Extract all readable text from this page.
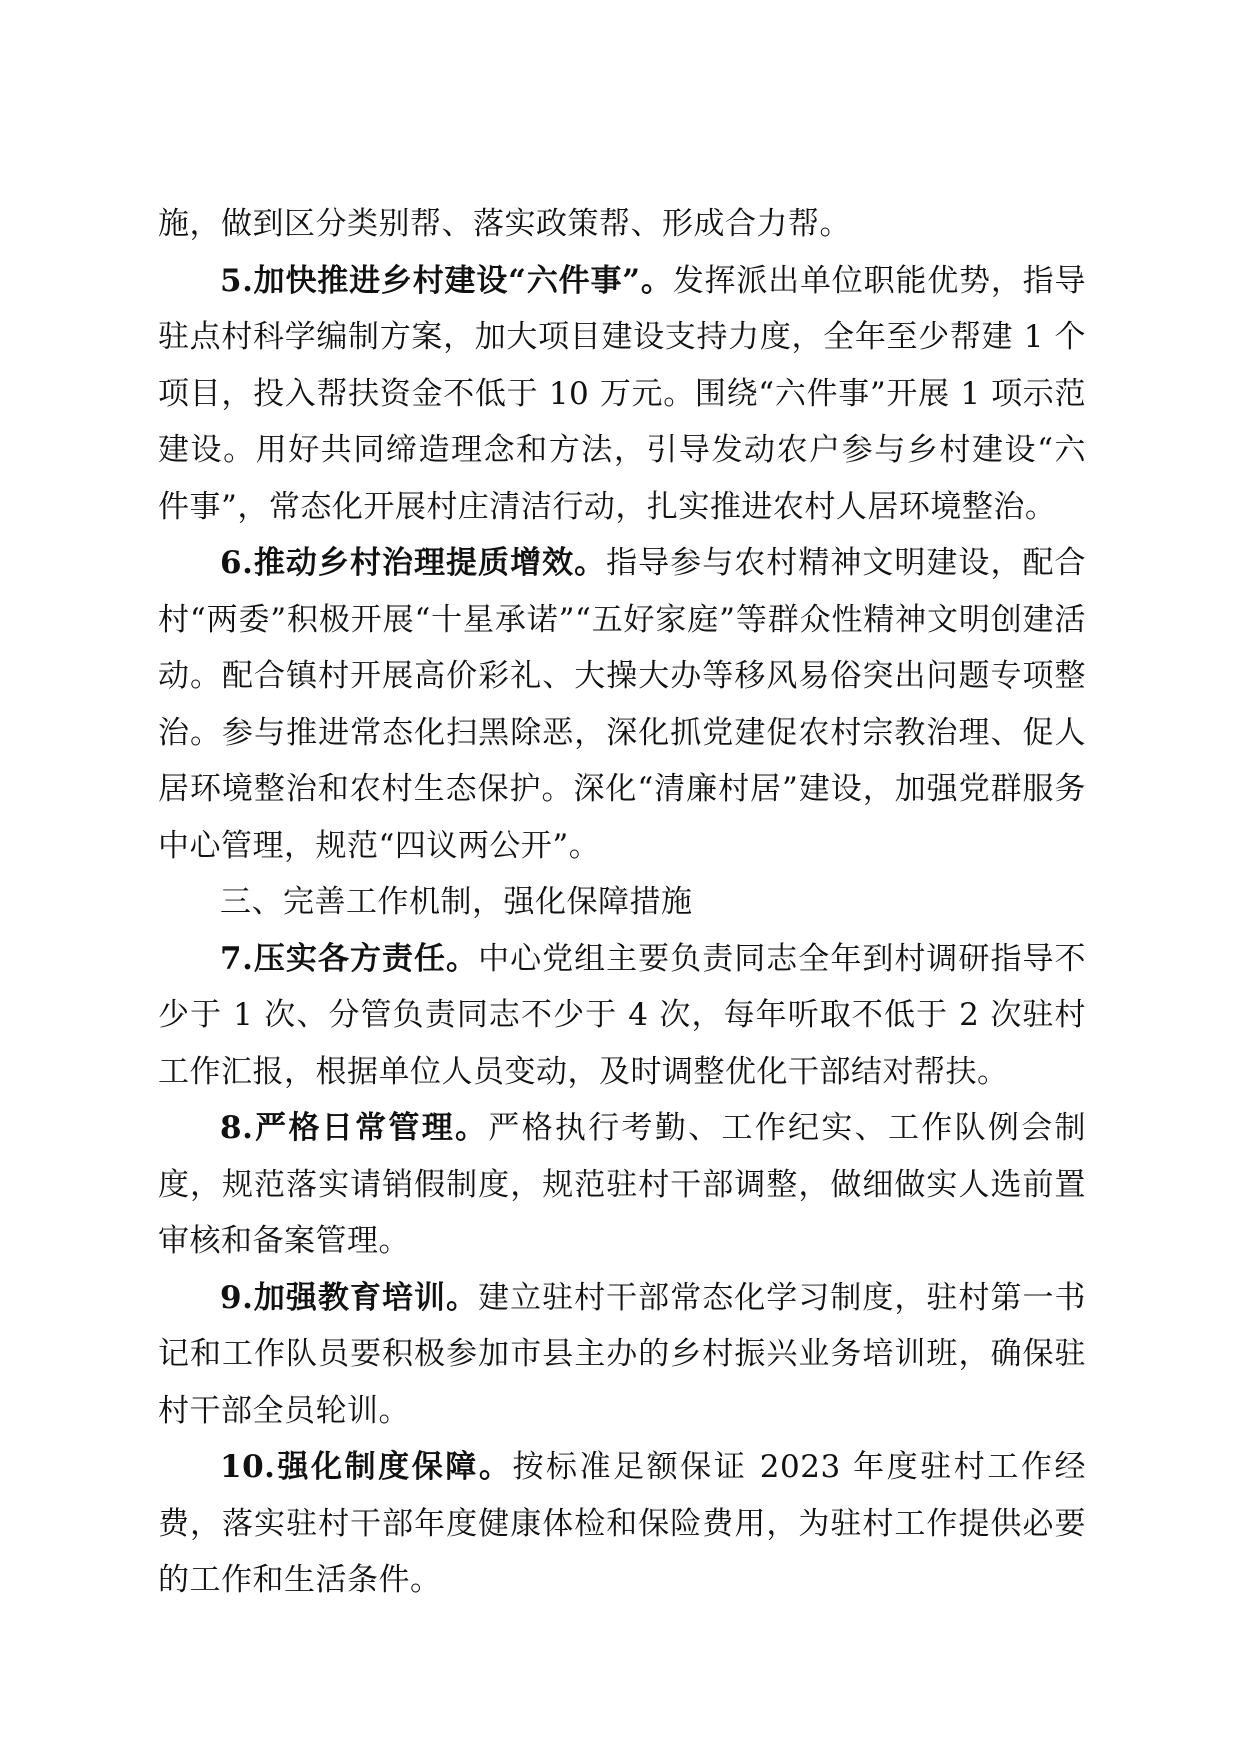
施，做到区分类别帮、落实政策帮、形成合力帮。

5.加快推进乡村建设“六件事”。发挥派出单位职能优势，指导驻点村科学编制方案，加大项目建设支持力度，全年至少帮建 1 个项目，投入帮扶资金不低于 10 万元。围绕“六件事”开展 1 项示范建设。用好共同缔造理念和方法，引导发动农户参与乡村建设“六件事”，常态化开展村庄清洁行动，扎实推进农村人居环境整治。

6.推动乡村治理提质增效。指导参与农村精神文明建设，配合村“两委”积极开展“十星承诺”“五好家庭”等群众性精神文明创建活动。配合镇村开展高价彩礼、大操大办等移风易俗突出问题专项整治。参与推进常态化扫黑除恶，深化抓党建促农村宗教治理、促人居环境整治和农村生态保护。深化“清廉村居”建设，加强党群服务中心管理，规范“四议两公开”。

三、完善工作机制，强化保障措施

7.压实各方责任。中心党组主要负责同志全年到村调研指导不少于 1 次、分管负责同志不少于 4 次，每年听取不低于 2 次驻村工作汇报，根据单位人员变动，及时调整优化干部结对帮扶。

8.严格日常管理。严格执行考勤、工作纪实、工作队例会制度，规范落实请销假制度，规范驻村干部调整，做细做实人选前置审核和备案管理。

9.加强教育培训。建立驻村干部常态化学习制度，驻村第一书记和工作队员要积极参加市县主办的乡村振兴业务培训班，确保驻村干部全员轮训。

10.强化制度保障。按标准足额保证 2023 年度驻村工作经费，落实驻村干部年度健康体检和保险费用，为驻村工作提供必要的工作和生活条件。
